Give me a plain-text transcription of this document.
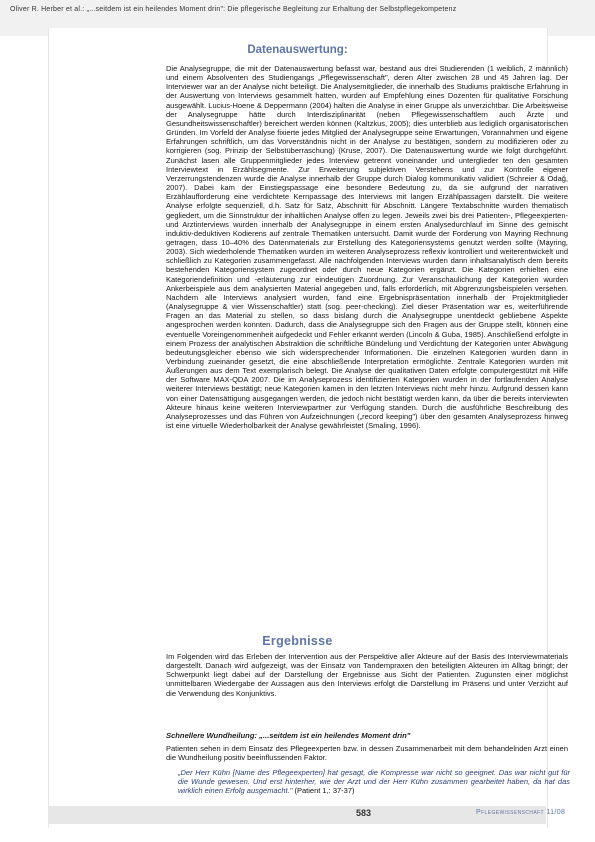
Oliver R. Herber et al.: „...seitdem ist ein heilendes Moment drin": Die pflegerische Begleitung zur Erhaltung der Selbstpflegekompetenz
Datenauswertung:

Die Analysegruppe, die mit der Datenauswertung befasst war, bestand aus drei Studierenden (1 weiblich, 2 männlich) und einem Absolventen des Studiengangs „Pflegewissenschaft", deren Alter zwischen 28 und 45 Jahren lag. Der Interviewer war an der Analyse nicht beteiligt. Die Analysemitglieder, die innerhalb des Studiums praktische Erfahrung in der Auswertung von Interviews gesammelt hatten, wurden auf Empfehlung eines Dozenten für qualitative Forschung ausgewählt. Lucius-Hoene & Deppermann (2004) halten die Analyse in einer Gruppe als unverzichtbar. Die Arbeitsweise der Analysegruppe hätte durch Interdisziplinarität (neben Pflegewissenschaftlern auch Ärzte und Gesundheitswissenschaftler) bereichert werden können (Kaltzkus, 2005); dies unterblieb aus lediglich organisatorischen Gründen. Im Vorfeld der Analyse fixierte jedes Mitglied der Analysegruppe seine Erwartungen, Vorannahmen und eigene Erfahrungen schriftlich, um das Vorverständnis nicht in der Analyse zu bestätigen, sondern zu modifizieren oder zu korrigieren (sog. Prinzip der Selbstüberraschung) (Kruse, 2007). Die Datenauswertung wurde wie folgt durchgeführt. Zunächst lasen alle Gruppenmitglieder jedes Interview getrennt voneinander und unterglieder ten den gesamten Interviewtext in Erzählsegmente. Zur Erweiterung subjektiven Verstehens und zur Kontrolle eigener Verzerrungstendenzen wurde die Analyse innerhalb der Gruppe durch Dialog kommunikativ validiert (Schreier & Odağ, 2007). Dabei kam der Einstiegspassage eine besondere Bedeutung zu, da sie aufgrund der narrativen Erzählaufforderung eine verdichtete Kernpassage des Interviews mit langen Erzählpassagen darstellt. Die weitere Analyse erfolgte sequenziell, d.h. Satz für Satz, Abschnitt für Abschnitt. Längere Textabschnitte wurden thematisch gegliedert, um die Sinnstruktur der inhaltlichen Analyse offen zu legen. Jeweils zwei bis drei Patienten-, Pflegeexperten- und Arztinterviews wurden innerhalb der Analysegruppe in einem ersten Analysedurchlauf im Sinne des gemischt induktiv-deduktiven Kodierens auf zentrale Thematiken untersucht. Damit wurde der Forderung von Mayring Rechnung getragen, dass 10–40% des Datenmaterials zur Erstellung des Kategoriensystems genutzt werden sollte (Mayring, 2003). Sich wiederholende Thematiken wurden im weiteren Analyseprozess reflexiv kontrolliert und weiterentwickelt und schließlich zu Kategorien zusammengefasst. Alle nachfolgenden Interviews wurden dann inhaltsanalytisch dem bereits bestehenden Kategoriensystem zugeordnet oder durch neue Kategorien ergänzt. Die Kategorien erhielten eine Kategoriendefinition und -erläuterung zur eindeutigen Zuordnung. Zur Veranschaulichung der Kategorien wurden Ankerbeispiele aus dem analysierten Material angegeben und, falls erforderlich, mit Abgrenzungsbeispielen versehen. Nachdem alle Interviews analysiert wurden, fand eine Ergebnispräsentation innerhalb der Projektmitglieder (Analysegruppe & vier Wissenschaftler) statt (sog. peer-checking). Ziel dieser Präsentation war es, weiterführende Fragen an das Material zu stellen, so dass bislang durch die Analysegruppe unentdeckt gebliebene Aspekte angesprochen werden konnten. Dadurch, dass die Analysegruppe sich den Fragen aus der Gruppe stellt, können eine eventuelle Voreingenommenheit aufgedeckt und Fehler erkannt werden (Lincoln & Guba, 1985). Anschließend erfolgte in einem Prozess der analytischen Abstraktion die schriftliche Bündelung und Verdichtung der Kategorien unter Abwägung bedeutungsgleicher ebenso wie sich widersprechender Informationen. Die einzelnen Kategorien wurden dann in Verbindung zueinander gesetzt, die eine abschließende Interpretation ermöglichte. Zentrale Kategorien wurden mit Äußerungen aus dem Text exemplarisch belegt. Die Analyse der qualitativen Daten erfolgte computergestützt mit Hilfe der Software MAX-QDA 2007. Die im Analyseprozess identifizierten Kategorien wurden in der fortlaufenden Analyse weiterer Interviews bestätigt; neue Kategorien kamen in den letzten Interviews nicht mehr hinzu. Aufgrund dessen kann von einer Datensättigung ausgegangen werden, die jedoch nicht bestätigt werden kann, da über die bereits interviewten Akteure hinaus keine weiteren Interviewpartner zur Verfügung standen. Durch die ausführliche Beschreibung des Analyseprozesses und das Führen von Aufzeichnungen („record keeping") über den gesamten Analyseprozess hinweg ist eine virtuelle Wiederholbarkeit der Analyse gewährleistet (Smaling, 1996).

Ergebnisse

Im Folgenden wird das Erleben der Intervention aus der Perspektive aller Akteure auf der Basis des Interviewmaterials dargestellt. Danach wird aufgezeigt, was der Einsatz von Tandempraxen den beteiligten Akteuren im Alltag bringt; der Schwerpunkt liegt dabei auf der Darstellung der Ergebnisse aus Sicht der Patienten. Zugunsten einer möglichst unmittelbaren Wiedergabe der Aussagen aus den Interviews erfolgt die Darstellung im Präsens und unter Verzicht auf die Verwendung des Konjunktivs.

Schnellere Wundheilung: „...seitdem ist ein heilendes Moment drin"

Patienten sehen in dem Einsatz des Pflegeexperten bzw. in dessen Zusammenarbeit mit dem behandelnden Arzt einen die Wundheilung positiv beeinflussenden Faktor.

„Der Herr Kühn [Name des Pflegeexperten] hat gesagt, die Kompresse war nicht so geeignet. Das war nicht gut für die Wunde gewesen. Und erst hinterher, wie der Arzt und der Herr Kühn zusammen gearbeitet haben, da hat das wirklich einen Erfolg ausgemacht." (Patient 1,: 37-37)

583	Pflegewissenschaft 11/08
